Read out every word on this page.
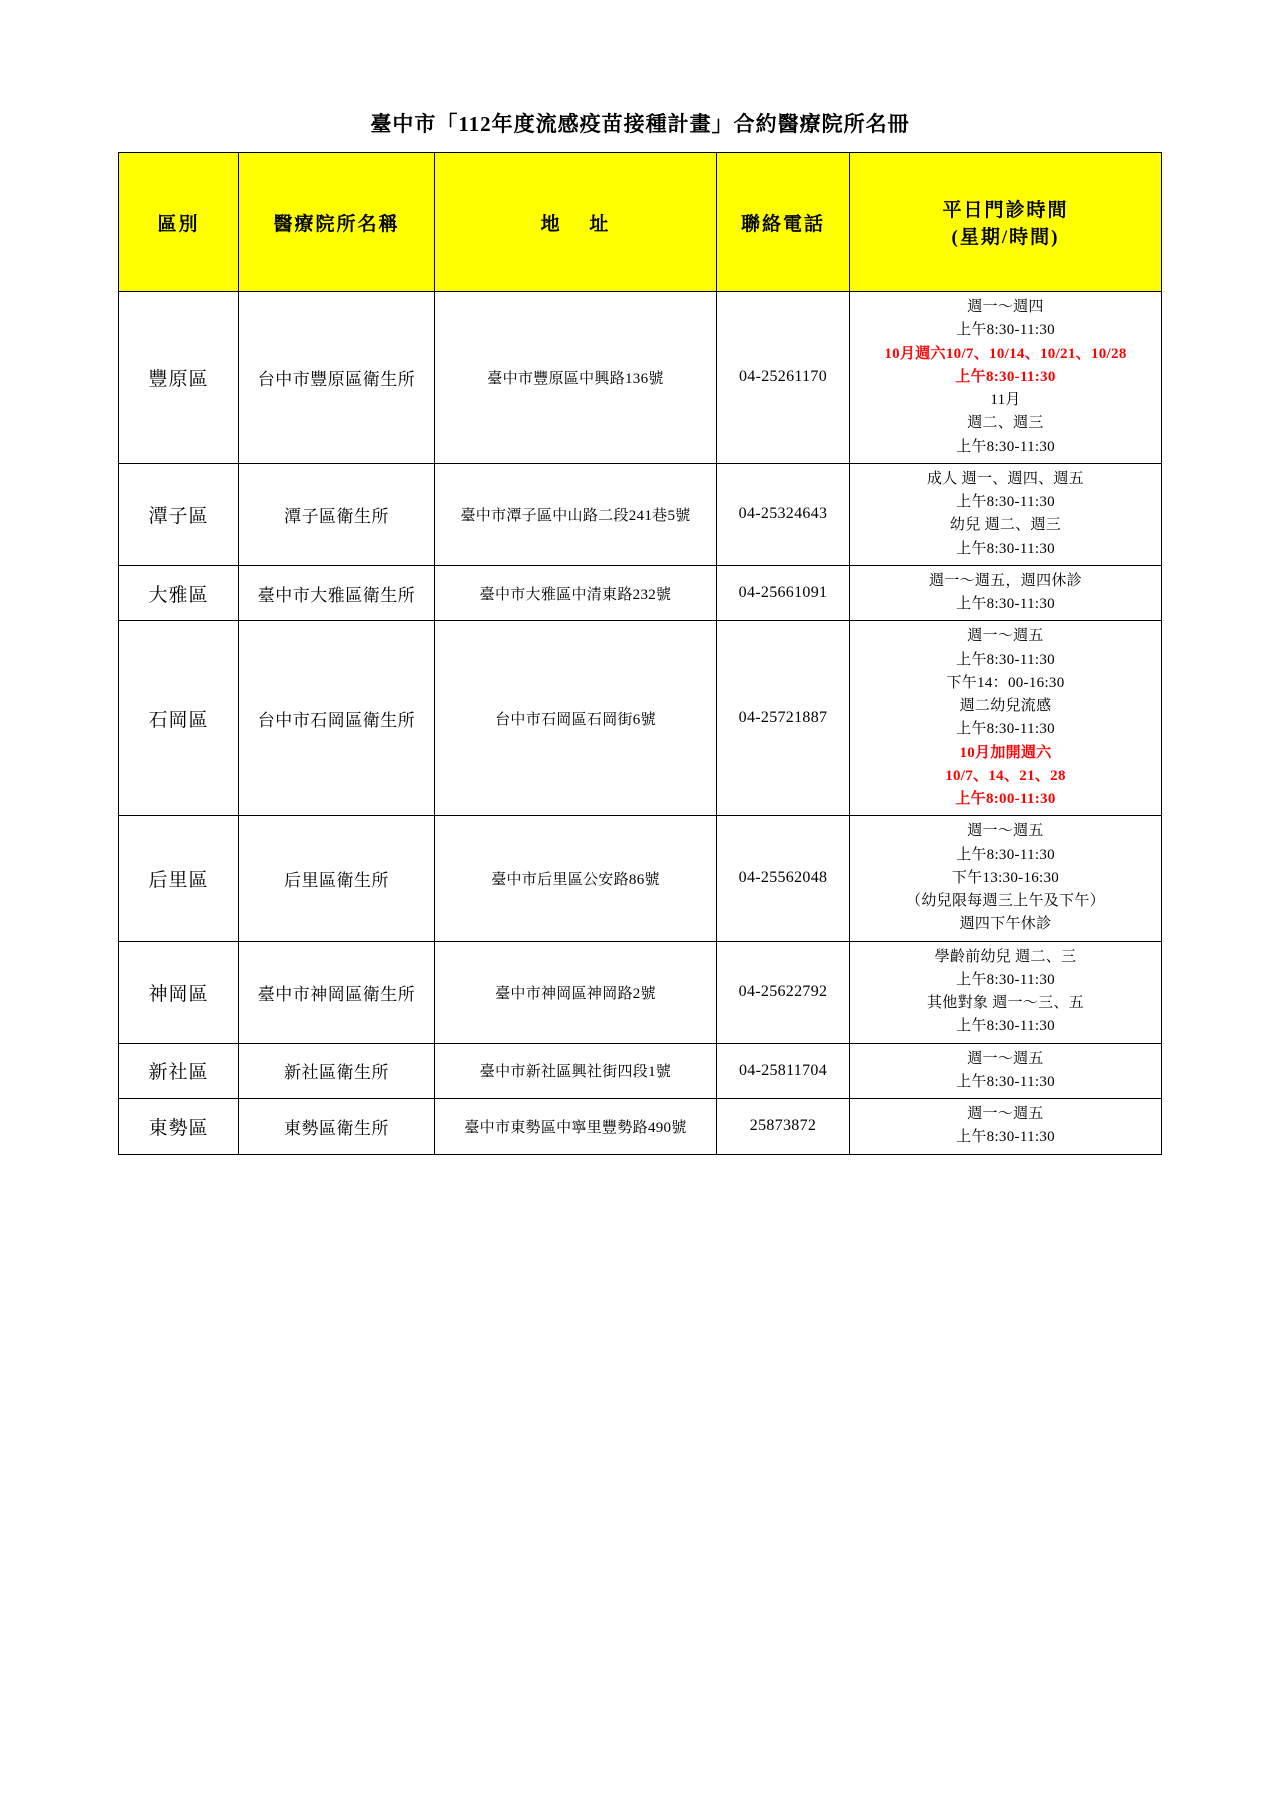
臺中市「112年度流感疫苗接種計畫」合約醫療院所名冊
區別	醫療院所名稱	地　 址	聯絡電話	平日門診時間
(星期/時間)

豐原區	台中市豐原區衛生所	臺中市豐原區中興路136號	04-25261170	
週一～週四
上午8:30-11:30
10月週六10/7、10/14、10/21、10/28
上午8:30-11:30
11月
週二、週三
上午8:30-11:30

潭子區	潭子區衛生所	臺中市潭子區中山路二段241巷5號	04-25324643	成人 週一、週四、週五
上午8:30-11:30
幼兒 週二、週三
上午8:30-11:30

大雅區	臺中市大雅區衛生所	臺中市大雅區中清東路232號	04-25661091	週一～週五，週四休診
上午8:30-11:30

石岡區	台中市石岡區衛生所	台中市石岡區石岡街6號	04-25721887	
週一～週五
上午8:30-11:30
下午14：00-16:30
週二幼兒流感
上午8:30-11:30
10月加開週六
10/7、14、21、28
上午8:00-11:30

后里區	后里區衛生所	臺中市后里區公安路86號	04-25562048	週一～週五
上午8:30-11:30
下午13:30-16:30
（幼兒限每週三上午及下午）
週四下午休診

神岡區	臺中市神岡區衛生所	臺中市神岡區神岡路2號	04-25622792	學齡前幼兒 週二、三
上午8:30-11:30
其他對象 週一～三、五
上午8:30-11:30

新社區	新社區衛生所	臺中市新社區興社街四段1號	04-25811704	週一～週五
上午8:30-11:30

東勢區	東勢區衛生所	臺中市東勢區中寧里豐勢路490號	25873872	週一～週五
上午8:30-11:30
